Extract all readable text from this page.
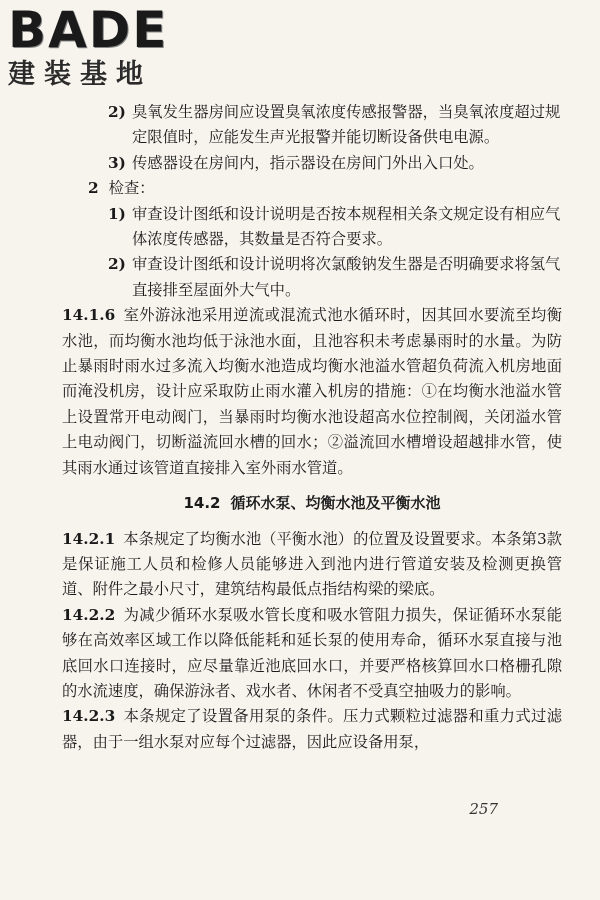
BADE
建装基地
2) 臭氧发生器房间应设置臭氧浓度传感报警器，当臭氧浓度超过规定限值时，应能发生声光报警并能切断设备供电电源。
3) 传感器设在房间内，指示器设在房间门外出入口处。
2 检查：
1) 审查设计图纸和设计说明是否按本规程相关条文规定设有相应气体浓度传感器，其数量是否符合要求。
2) 审查设计图纸和设计说明将次氯酸钠发生器是否明确要求将氢气直接排至屋面外大气中。
14.1.6 室外游泳池采用逆流或混流式池水循环时，因其回水要流至均衡水池，而均衡水池均低于泳池水面，且池容积未考虑暴雨时的水量。为防止暴雨时雨水过多流入均衡水池造成均衡水池溢水管超负荷流入机房地面而淹没机房，设计应采取防止雨水灌入机房的措施：①在均衡水池溢水管上设置常开电动阀门，当暴雨时均衡水池设超高水位控制阀，关闭溢水管上电动阀门，切断溢流回水槽的回水；②溢流回水槽增设超越排水管，使其雨水通过该管道直接排入室外雨水管道。
14.2 循环水泵、均衡水池及平衡水池
14.2.1 本条规定了均衡水池（平衡水池）的位置及设置要求。本条第3款是保证施工人员和检修人员能够进入到池内进行管道安装及检测更换管道、附件之最小尺寸，建筑结构最低点指结构梁的梁底。
14.2.2 为减少循环水泵吸水管长度和吸水管阻力损失，保证循环水泵能够在高效率区域工作以降低能耗和延长泵的使用寿命，循环水泵直接与池底回水口连接时，应尽量靠近池底回水口，并要严格核算回水口格栅孔隙的水流速度，确保游泳者、戏水者、休闲者不受真空抽吸力的影响。
14.2.3 本条规定了设置备用泵的条件。压力式颗粒过滤器和重力式过滤器，由于一组水泵对应每个过滤器，因此应设备用泵，
257
